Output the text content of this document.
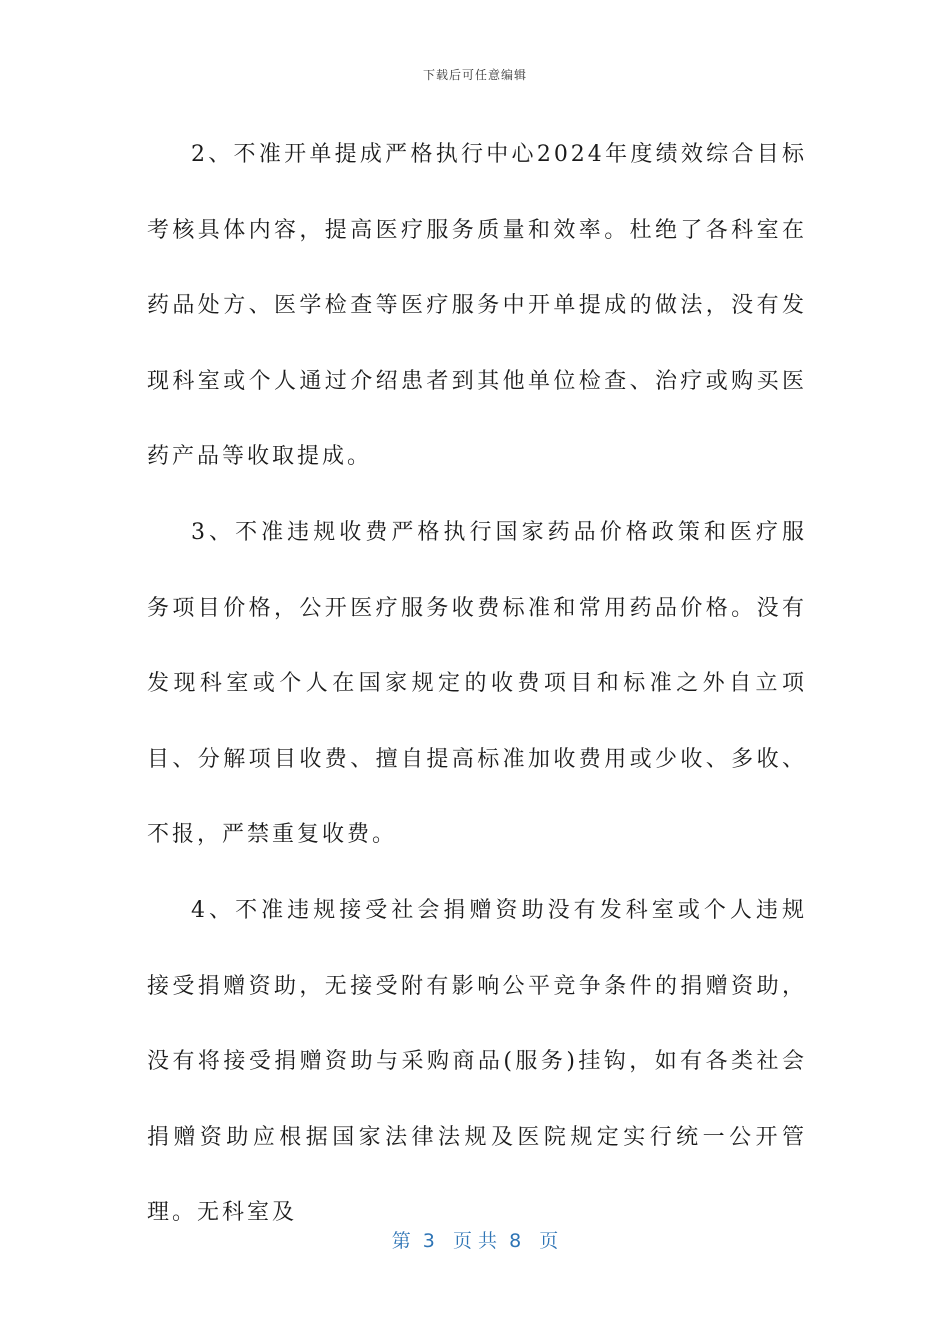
下载后可任意编辑

2、不准开单提成严格执行中心2024年度绩效综合目标考核具体内容，提高医疗服务质量和效率。杜绝了各科室在药品处方、医学检查等医疗服务中开单提成的做法，没有发现科室或个人通过介绍患者到其他单位检查、治疗或购买医药产品等收取提成。

3、不准违规收费严格执行国家药品价格政策和医疗服务项目价格，公开医疗服务收费标准和常用药品价格。没有发现科室或个人在国家规定的收费项目和标准之外自立项目、分解项目收费、擅自提高标准加收费用或少收、多收、不报，严禁重复收费。

4、不准违规接受社会捐赠资助没有发科室或个人违规接受捐赠资助，无接受附有影响公平竞争条件的捐赠资助，没有将接受捐赠资助与采购商品(服务)挂钩，如有各类社会捐赠资助应根据国家法律法规及医院规定实行统一公开管理。无科室及

第  3   页 共  8   页
